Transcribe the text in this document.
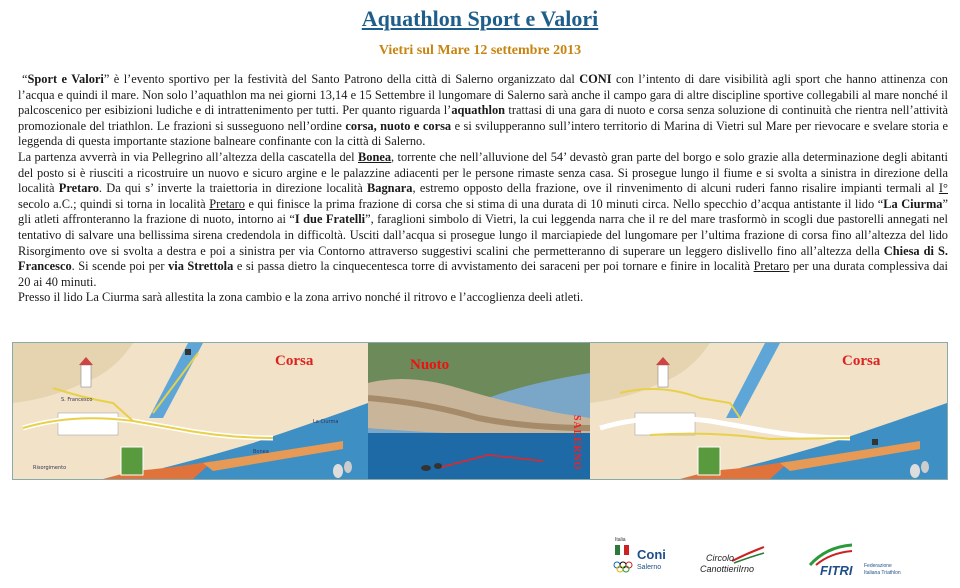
Aquathlon Sport e Valori
Vietri sul Mare 12 settembre 2013

“Sport e Valori” è l’evento sportivo per la festività del Santo Patrono della città di Salerno organizzato dal CONI con l’intento di dare visibilità agli sport che hanno attinenza con l’acqua e quindi il mare. Non solo l’aquathlon ma nei giorni 13,14 e 15 Settembre il lungomare di Salerno sarà anche il campo gara di altre discipline sportive collegabili al mare nonché il palcoscenico per esibizioni ludiche e di intrattenimento per tutti. Per quanto riguarda l’aquathlon trattasi di una gara di nuoto e corsa senza soluzione di continuità che rientra nell’attività promozionale del triathlon. Le frazioni si susseguono nell’ordine corsa, nuoto e corsa e si svilupperanno sull’intero territorio di Marina di Vietri sul Mare per rievocare e svelare storia e leggenda di questa importante stazione balneare confinante con la città di Salerno.

La partenza avverrà in via Pellegrino all’altezza della cascatella del Bonea, torrente che nell’alluvione del 54’ devastò gran parte del borgo e solo grazie alla determinazione degli abitanti del posto si è riusciti a ricostruire un nuovo e sicuro argine e le palazzine adiacenti per le persone rimaste senza casa. Si prosegue lungo il fiume e si svolta a sinistra in direzione della località Pretaro. Da qui s’ inverte la traiettoria in direzione località Bagnara, estremo opposto della frazione, ove il rinvenimento di alcuni ruderi fanno risalire impianti termali al I° secolo a.C.; quindi si torna in località Pretaro e qui finisce la prima frazione di corsa che si stima di una durata di 10 minuti circa. Nello specchio d’acqua antistante il lido “La Ciurma” gli atleti affronteranno la frazione di nuoto, intorno ai “I due Fratelli”, faraglioni simbolo di Vietri, la cui leggenda narra che il re del mare trasformò in scogli due pastorelli annegati nel tentativo di salvare una bellissima sirena credendola in difficoltà. Usciti dall’acqua si prosegue lungo il marciapiede del lungomare per l’ultima frazione di corsa fino all’altezza del lido Risorgimento ove si svolta a destra e poi a sinistra per via Contorno attraverso suggestivi scalini che permetteranno di superare un leggero dislivello fino all’altezza della Chiesa di S. Francesco. Si scende poi per via Strettola e si passa dietro la cinquecentesca torre di avvistamento dei saraceni per poi tornare e finire in località Pretaro per una durata complessiva dai 20 ai 40 minuti.

Presso il lido La Ciurma sarà allestita la zona cambio e la zona arrivo nonché il ritrovo e l’accoglienza deeli atleti.

S. Francesco
Risorgimento
La Ciurma
Bonea
Corsa	Nuoto
SALERNO
Corsa
Italia
Coni
Salerno
Circolo
CanottieriIrno	FITRI Federazione
Italiana Triathlon
